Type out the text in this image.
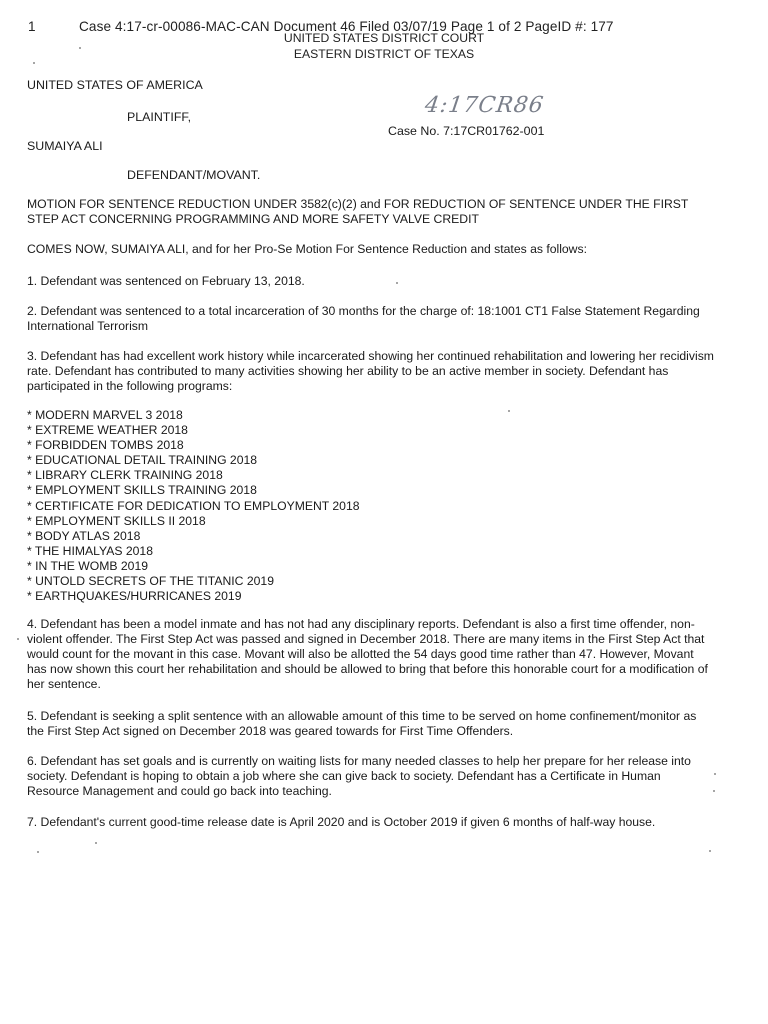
1	Case 4:17-cr-00086-MAC-CAN Document 46 Filed 03/07/19 Page 1 of 2 PageID #: 177
UNITED STATES DISTRICT COURT
EASTERN DISTRICT OF TEXAS
UNITED STATES OF AMERICA
PLAINTIFF,	4:17CR86
Case No. 7:17CR01762-001
SUMAIYA ALI
DEFENDANT/MOVANT.
MOTION FOR SENTENCE REDUCTION UNDER 3582(c)(2) and FOR REDUCTION OF SENTENCE UNDER THE FIRST
STEP ACT CONCERNING PROGRAMMING AND MORE SAFETY VALVE CREDIT
COMES NOW, SUMAIYA ALI, and for her Pro-Se Motion For Sentence Reduction and states as follows:
1. Defendant was sentenced on February 13, 2018.
2. Defendant was sentenced to a total incarceration of 30 months for the charge of: 18:1001 CT1 False Statement Regarding
International Terrorism
3. Defendant has had excellent work history while incarcerated showing her continued rehabilitation and lowering her recidivism
rate. Defendant has contributed to many activities showing her ability to be an active member in society. Defendant has
participated in the following programs:
* MODERN MARVEL 3 2018
* EXTREME WEATHER 2018
* FORBIDDEN TOMBS 2018
* EDUCATIONAL DETAIL TRAINING 2018
* LIBRARY CLERK TRAINING 2018
* EMPLOYMENT SKILLS TRAINING 2018
* CERTIFICATE FOR DEDICATION TO EMPLOYMENT 2018
* EMPLOYMENT SKILLS II 2018
* BODY ATLAS 2018
* THE HIMALYAS 2018
* IN THE WOMB 2019
* UNTOLD SECRETS OF THE TITANIC 2019
* EARTHQUAKES/HURRICANES 2019
4. Defendant has been a model inmate and has not had any disciplinary reports. Defendant is also a first time offender, non-
violent offender. The First Step Act was passed and signed in December 2018. There are many items in the First Step Act that
would count for the movant in this case. Movant will also be allotted the 54 days good time rather than 47. However, Movant
has now shown this court her rehabilitation and should be allowed to bring that before this honorable court for a modification of
her sentence.
5. Defendant is seeking a split sentence with an allowable amount of this time to be served on home confinement/monitor as
the First Step Act signed on December 2018 was geared towards for First Time Offenders.
6. Defendant has set goals and is currently on waiting lists for many needed classes to help her prepare for her release into
society. Defendant is hoping to obtain a job where she can give back to society. Defendant has a Certificate in Human
Resource Management and could go back into teaching.
7. Defendant's current good-time release date is April 2020 and is October 2019 if given 6 months of half-way house.
